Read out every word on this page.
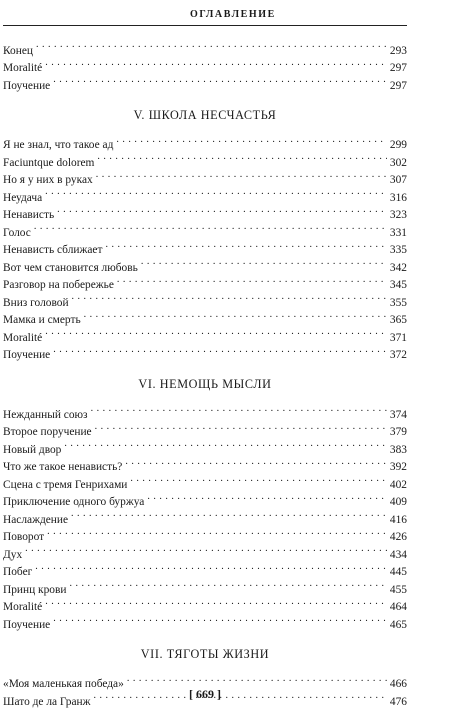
ОГЛАВЛЕНИЕ
Конец . . .	293
Moralité . . .	297
Поучение . . .	297
V. ШКОЛА НЕСЧАСТЬЯ
Я не знал, что такое ад . . .	299
Faciuntque dolorem . . .	302
Но я у них в руках . . .	307
Неудача . . .	316
Ненависть . . .	323
Голос . . .	331
Ненависть сближает . . .	335
Вот чем становится любовь . . .	342
Разговор на побережье . . .	345
Вниз головой . . .	355
Мамка и смерть . . .	365
Moralité . . .	371
Поучение . . .	372
VI. НЕМОЩЬ МЫСЛИ
Нежданный союз . . .	374
Второе поручение . . .	379
Новый двор . . .	383
Что же такое ненависть? . . .	392
Сцена с тремя Генрихами . . .	402
Приключение одного буржуа . . .	409
Наслаждение . . .	416
Поворот . . .	426
Дух . . .	434
Побег . . .	445
Принц крови . . .	455
Moralité . . .	464
Поучение . . .	465
VII. ТЯГОТЫ ЖИЗНИ
«Моя маленькая победа» . . .	466
Шато де ла Гранж . . .	476
[ 669 ]
